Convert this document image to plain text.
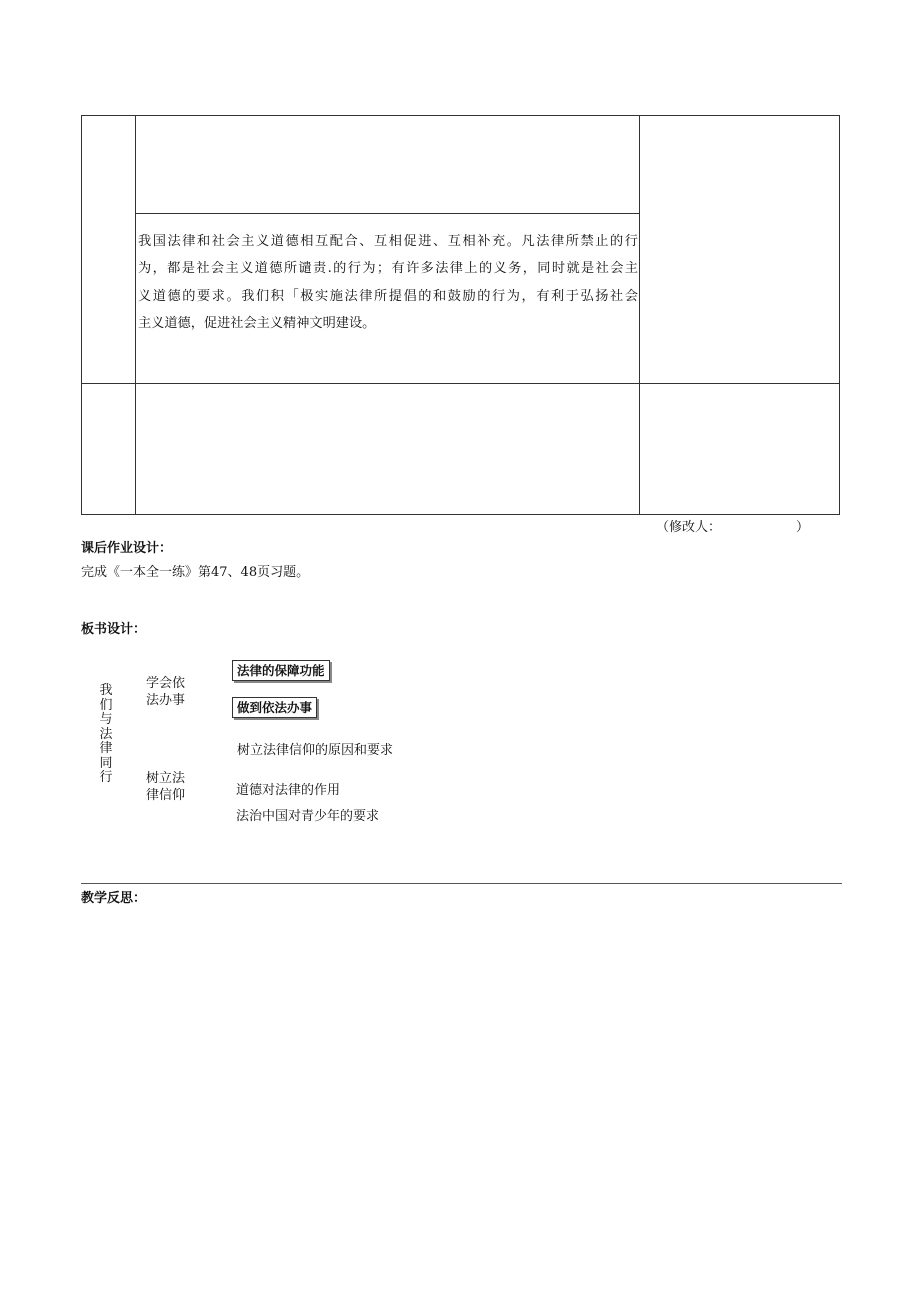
我国法律和社会主义道德相互配合、互相促进、互相补充。凡法律所禁止的行
为，都是社会主义道德所谴责.的行为；有许多法律上的义务，同时就是社会主
义道德的要求。我们积「极实施法律所提倡的和鼓励的行为，有利于弘扬社会
主义道德，促进社会主义精神文明建设。
（修改人：	）
课后作业设计：
完成《一本全一练》第47、48页习题。
板书设计：
我们与法律同行
学会依
法办事
树立法
律信仰
法律的保障功能
做到依法办事
树立法律信仰的原因和要求
道德对法律的作用
法治中国对青少年的要求
教学反思：
